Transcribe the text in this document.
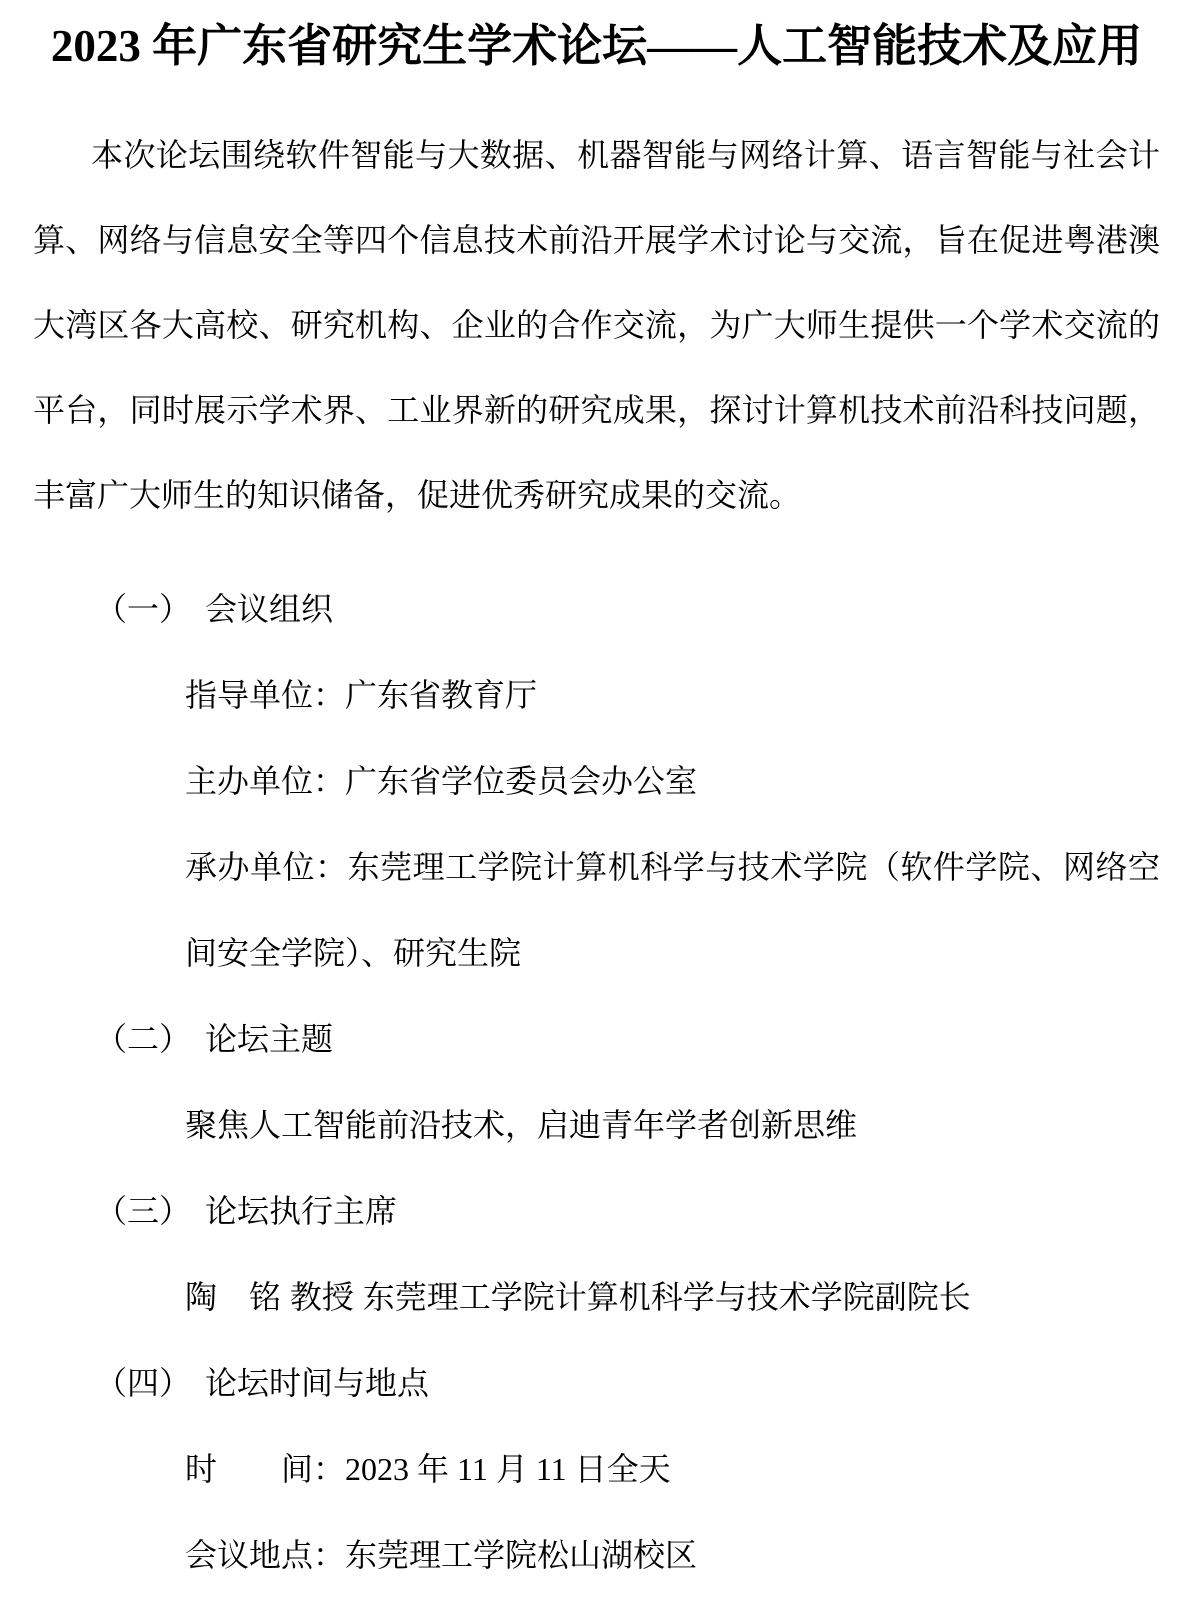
2023 年广东省研究生学术论坛——人工智能技术及应用

本次论坛围绕软件智能与大数据、机器智能与网络计算、语言智能与社会计算、网络与信息安全等四个信息技术前沿开展学术讨论与交流，旨在促进粤港澳大湾区各大高校、研究机构、企业的合作交流，为广大师生提供一个学术交流的平台，同时展示学术界、工业界新的研究成果，探讨计算机技术前沿科技问题，丰富广大师生的知识储备，促进优秀研究成果的交流。

（一） 会议组织
指导单位：广东省教育厅
主办单位：广东省学位委员会办公室
承办单位：东莞理工学院计算机科学与技术学院（软件学院、网络空间安全学院）、研究生院
（二） 论坛主题
聚焦人工智能前沿技术，启迪青年学者创新思维
（三） 论坛执行主席
陶　铭 教授 东莞理工学院计算机科学与技术学院副院长
（四） 论坛时间与地点
时　　间：2023 年 11 月 11 日全天
会议地点：东莞理工学院松山湖校区
